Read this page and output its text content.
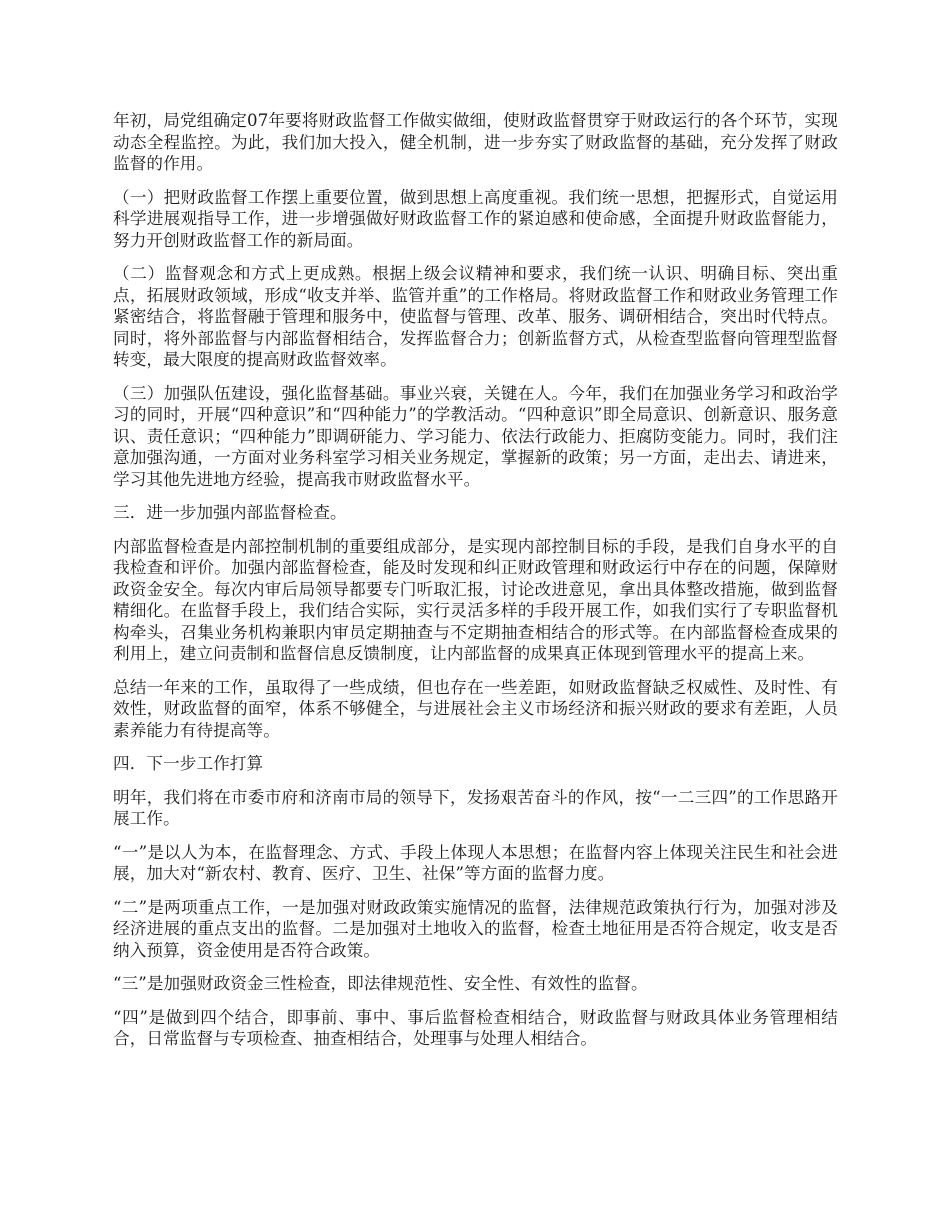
年初，局党组确定07年要将财政监督工作做实做细，使财政监督贯穿于财政运行的各个环节，实现动态全程监控。为此，我们加大投入，健全机制，进一步夯实了财政监督的基础，充分发挥了财政监督的作用。

（一）把财政监督工作摆上重要位置，做到思想上高度重视。我们统一思想，把握形式，自觉运用科学进展观指导工作，进一步增强做好财政监督工作的紧迫感和使命感，全面提升财政监督能力，努力开创财政监督工作的新局面。

（二）监督观念和方式上更成熟。根据上级会议精神和要求，我们统一认识、明确目标、突出重点，拓展财政领域，形成“收支并举、监管并重”的工作格局。将财政监督工作和财政业务管理工作紧密结合，将监督融于管理和服务中，使监督与管理、改革、服务、调研相结合，突出时代特点。同时，将外部监督与内部监督相结合，发挥监督合力；创新监督方式，从检查型监督向管理型监督转变，最大限度的提高财政监督效率。

（三）加强队伍建设，强化监督基础。事业兴衰，关键在人。今年，我们在加强业务学习和政治学习的同时，开展“四种意识”和“四种能力”的学教活动。“四种意识”即全局意识、创新意识、服务意识、责任意识；“四种能力”即调研能力、学习能力、依法行政能力、拒腐防变能力。同时，我们注意加强沟通，一方面对业务科室学习相关业务规定，掌握新的政策；另一方面，走出去、请进来，学习其他先进地方经验，提高我市财政监督水平。

三．进一步加强内部监督检查。

内部监督检查是内部控制机制的重要组成部分，是实现内部控制目标的手段，是我们自身水平的自我检查和评价。加强内部监督检查，能及时发现和纠正财政管理和财政运行中存在的问题，保障财政资金安全。每次内审后局领导都要专门听取汇报，讨论改进意见，拿出具体整改措施，做到监督精细化。在监督手段上，我们结合实际，实行灵活多样的手段开展工作，如我们实行了专职监督机构牵头，召集业务机构兼职内审员定期抽查与不定期抽查相结合的形式等。在内部监督检查成果的利用上，建立问责制和监督信息反馈制度，让内部监督的成果真正体现到管理水平的提高上来。

总结一年来的工作，虽取得了一些成绩，但也存在一些差距，如财政监督缺乏权威性、及时性、有效性，财政监督的面窄，体系不够健全，与进展社会主义市场经济和振兴财政的要求有差距，人员素养能力有待提高等。

四．下一步工作打算

明年，我们将在市委市府和济南市局的领导下，发扬艰苦奋斗的作风，按“一二三四”的工作思路开展工作。

“一”是以人为本，在监督理念、方式、手段上体现人本思想；在监督内容上体现关注民生和社会进展，加大对“新农村、教育、医疗、卫生、社保”等方面的监督力度。

“二”是两项重点工作，一是加强对财政政策实施情况的监督，法律规范政策执行行为，加强对涉及经济进展的重点支出的监督。二是加强对土地收入的监督，检查土地征用是否符合规定，收支是否纳入预算，资金使用是否符合政策。

“三”是加强财政资金三性检查，即法律规范性、安全性、有效性的监督。

“四”是做到四个结合，即事前、事中、事后监督检查相结合，财政监督与财政具体业务管理相结合，日常监督与专项检查、抽查相结合，处理事与处理人相结合。
